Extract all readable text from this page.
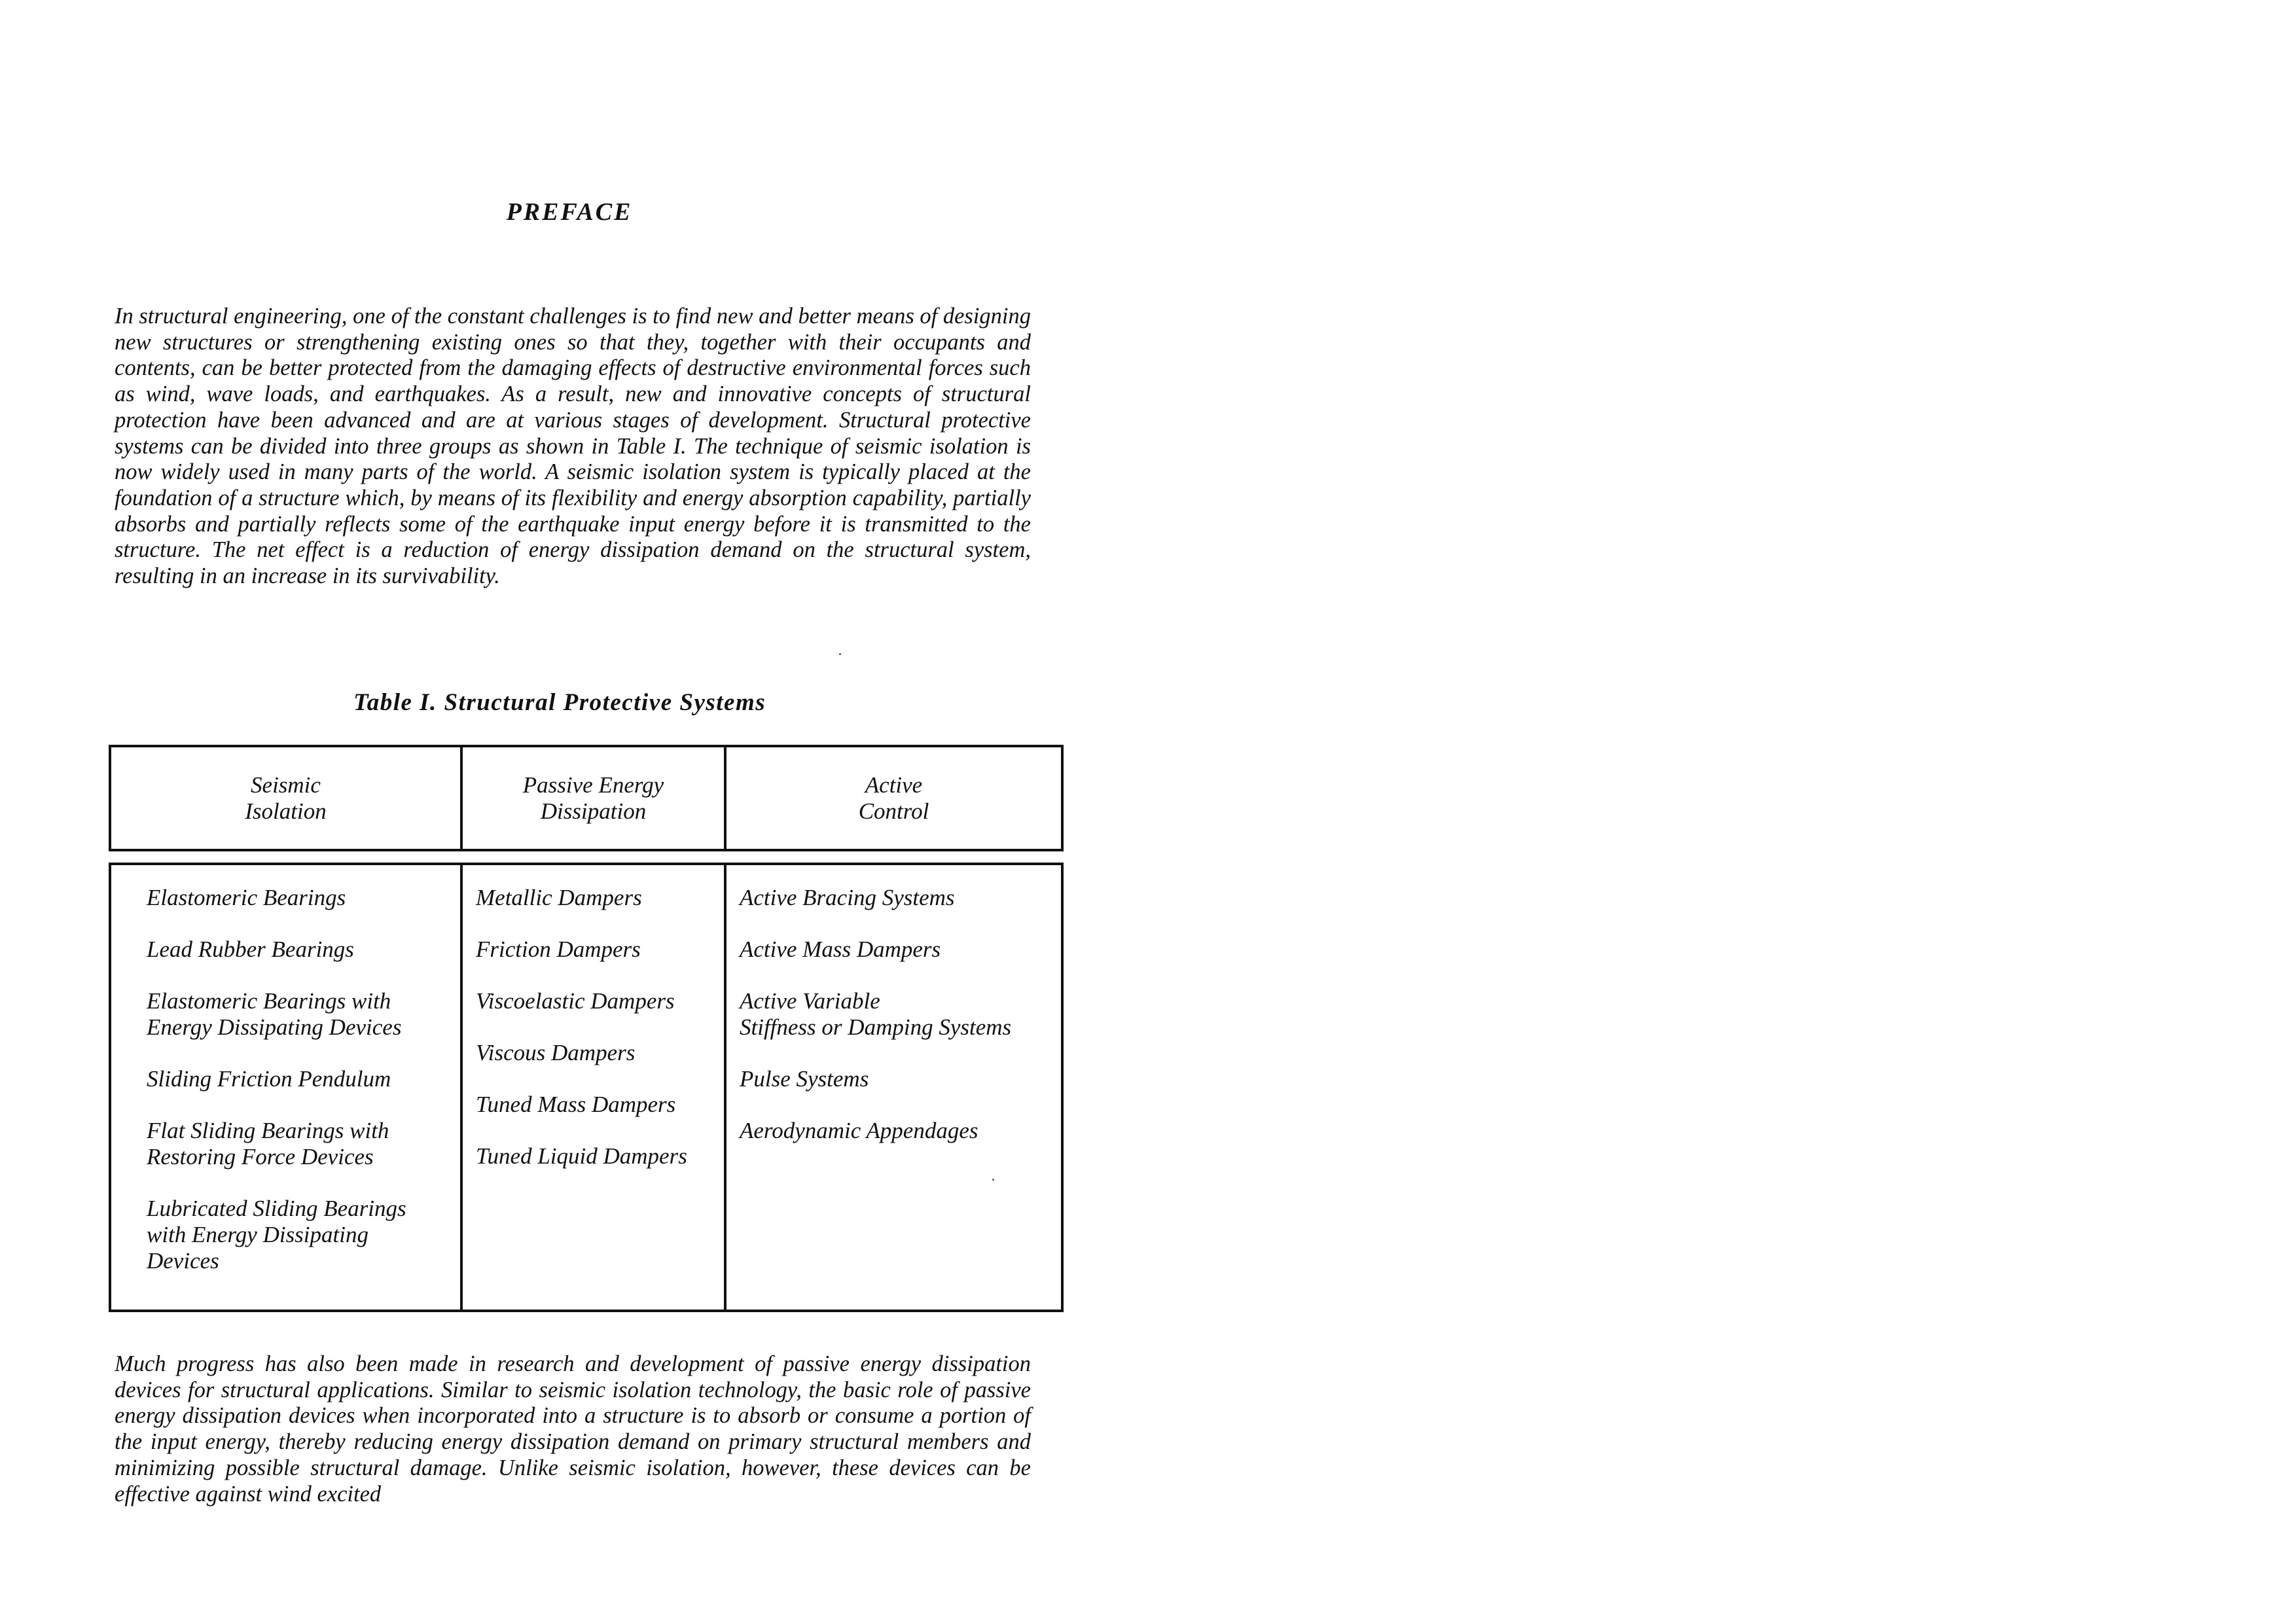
PREFACE

In structural engineering, one of the constant challenges is to find new and better means of designing new structures or strengthening existing ones so that they, together with their occupants and contents, can be better protected from the damaging effects of destructive environmental forces such as wind, wave loads, and earthquakes. As a result, new and innovative concepts of structural protection have been advanced and are at various stages of development. Structural protective systems can be divided into three groups as shown in Table I. The technique of seismic isolation is now widely used in many parts of the world. A seismic isolation system is typically placed at the foundation of a structure which, by means of its flexibility and energy absorption capability, partially absorbs and partially reflects some of the earthquake input energy before it is transmitted to the structure. The net effect is a reduction of energy dissipation demand on the structural system, resulting in an increase in its survivability.

Table I. Structural Protective Systems

Seismic
Isolation
Passive Energy
Dissipation
Active
Control
Elastomeric Bearings
Lead Rubber Bearings
Elastomeric Bearings with
Energy Dissipating Devices
Sliding Friction Pendulum
Flat Sliding Bearings with
Restoring Force Devices
Lubricated Sliding Bearings
with Energy Dissipating
Devices
Metallic Dampers
Friction Dampers
Viscoelastic Dampers
Viscous Dampers
Tuned Mass Dampers
Tuned Liquid Dampers
Active Bracing Systems
Active Mass Dampers
Active Variable
Stiffness or Damping Systems
Pulse Systems
Aerodynamic Appendages

Much progress has also been made in research and development of passive energy dissipation devices for structural applications. Similar to seismic isolation technology, the basic role of passive energy dissipation devices when incorporated into a structure is to absorb or consume a portion of the input energy, thereby reducing energy dissipation demand on primary structural members and minimizing possible structural damage. Unlike seismic isolation, however, these devices can be effective against wind excited
